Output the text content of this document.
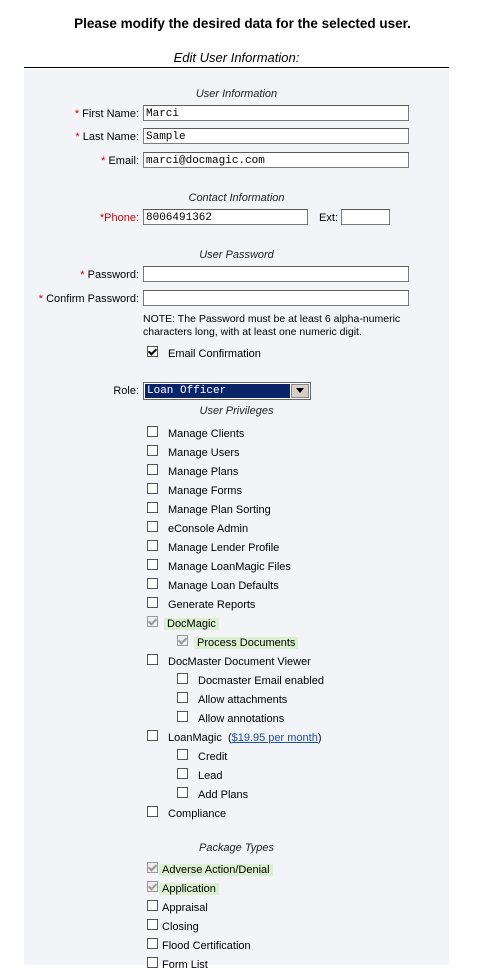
Please modify the desired data for the selected user.
Edit User Information:
User Information
* First Name: Marci
* Last Name: Sample
* Email: marci@docmagic.com
Contact Information
*Phone: 8006491362	Ext:
User Password
* Password:
* Confirm Password:
NOTE: The Password must be at least 6 alpha-numeric characters long, with at least one numeric digit.
Email Confirmation
Role: Loan Officer
User Privileges
Manage Clients
Manage Users
Manage Plans
Manage Forms
Manage Plan Sorting
eConsole Admin
Manage Lender Profile
Manage LoanMagic Files
Manage Loan Defaults
Generate Reports
DocMagic
Process Documents
DocMaster Document Viewer
Docmaster Email enabled
Allow attachments
Allow annotations
LoanMagic  ($19.95 per month)
Credit
Lead
Add Plans
Compliance
Package Types
Adverse Action/Denial
Application
Appraisal
Closing
Flood Certification
Form List
